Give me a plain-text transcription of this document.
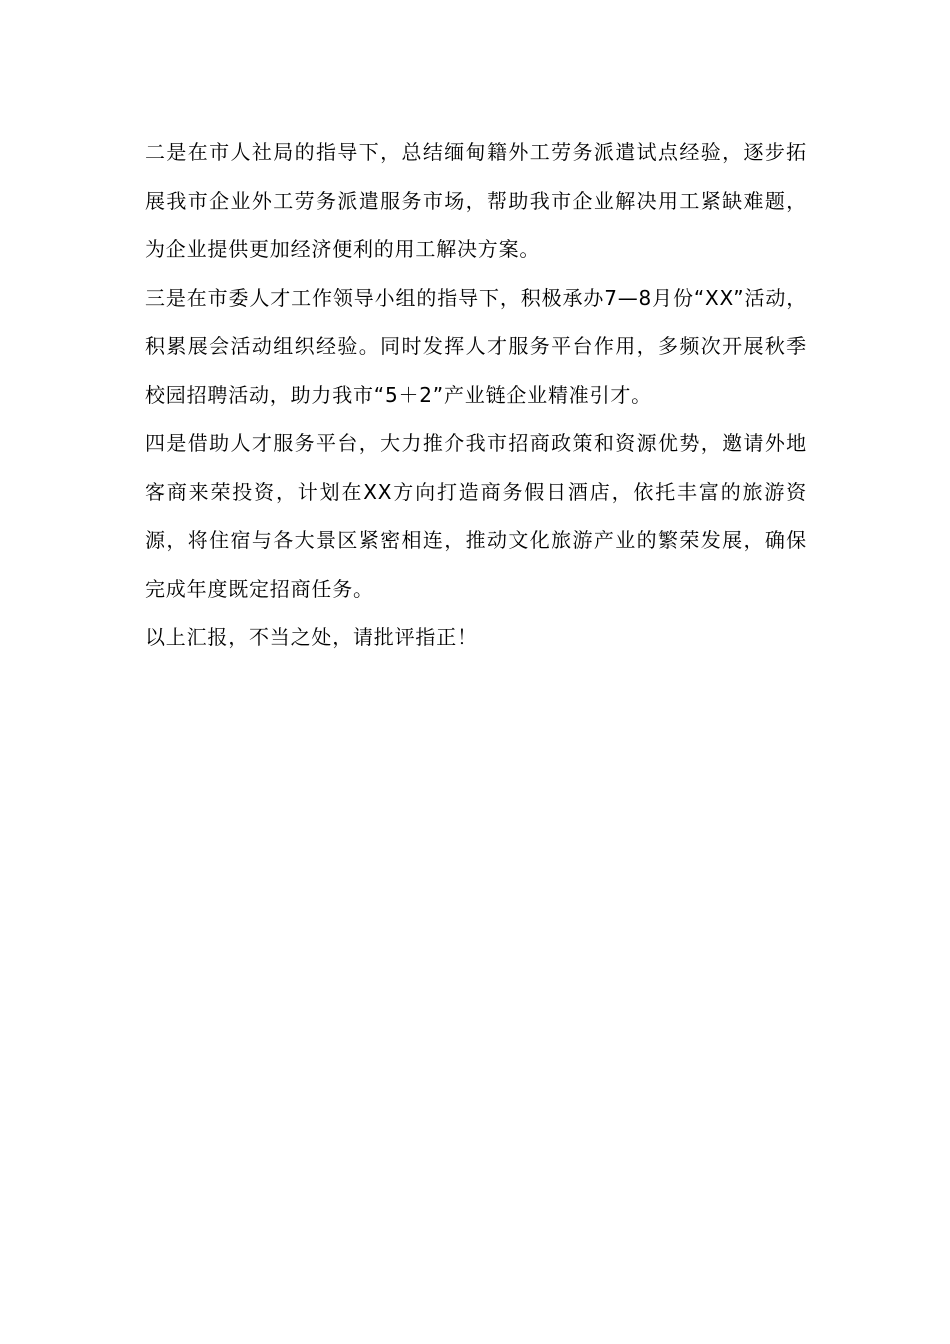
二是在市人社局的指导下，总结缅甸籍外工劳务派遣试点经验，逐步拓展我市企业外工劳务派遣服务市场，帮助我市企业解决用工紧缺难题，为企业提供更加经济便利的用工解决方案。

三是在市委人才工作领导小组的指导下，积极承办7—8月份“XX”活动，积累展会活动组织经验。同时发挥人才服务平台作用，多频次开展秋季校园招聘活动，助力我市“5＋2”产业链企业精准引才。

四是借助人才服务平台，大力推介我市招商政策和资源优势，邀请外地客商来荣投资，计划在XX方向打造商务假日酒店，依托丰富的旅游资源，将住宿与各大景区紧密相连，推动文化旅游产业的繁荣发展，确保完成年度既定招商任务。

以上汇报，不当之处，请批评指正！
